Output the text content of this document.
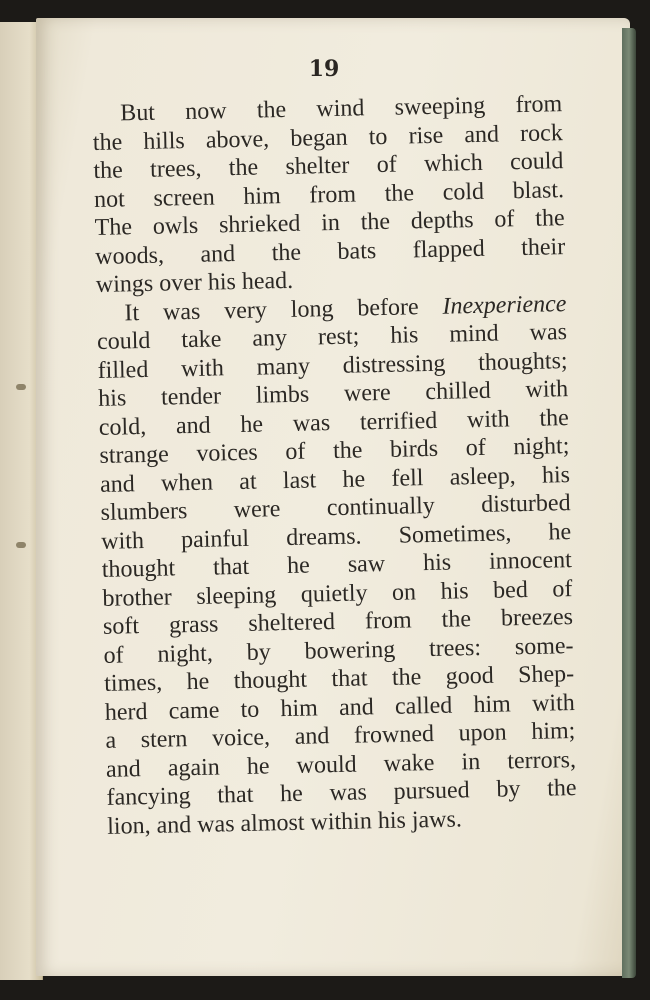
19
But now the wind sweeping from
the hills above, began to rise and rock
the trees, the shelter of which could
not screen him from the cold blast.
The owls shrieked in the depths of the
woods, and the bats flapped their
wings over his head.
It was very long before Inexperience
could take any rest; his mind was
filled with many distressing thoughts;
his tender limbs were chilled with
cold, and he was terrified with the
strange voices of the birds of night;
and when at last he fell asleep, his
slumbers were continually disturbed
with painful dreams. Sometimes, he
thought that he saw his innocent
brother sleeping quietly on his bed of
soft grass sheltered from the breezes
of night, by bowering trees: some-
times, he thought that the good Shep-
herd came to him and called him with
a stern voice, and frowned upon him;
and again he would wake in terrors,
fancying that he was pursued by the
lion, and was almost within his jaws.
